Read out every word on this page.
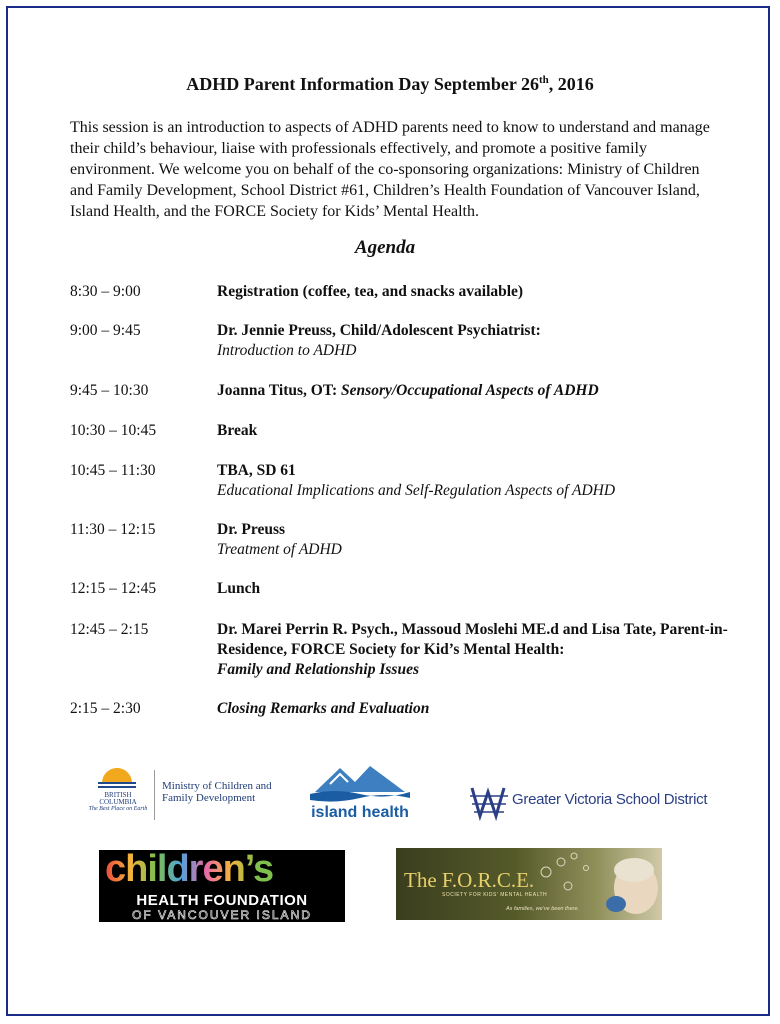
ADHD Parent Information Day September 26th, 2016
This session is an introduction to aspects of ADHD parents need to know to understand and manage their child’s behaviour, liaise with professionals effectively, and promote a positive family environment. We welcome you on behalf of the co-sponsoring organizations: Ministry of Children and Family Development, School District #61, Children’s Health Foundation of Vancouver Island, Island Health, and the FORCE Society for Kids’ Mental Health.
Agenda
8:30 – 9:00	Registration (coffee, tea, and snacks available)
9:00 – 9:45	Dr. Jennie Preuss, Child/Adolescent Psychiatrist:
Introduction to ADHD
9:45 – 10:30	Joanna Titus, OT: Sensory/Occupational Aspects of ADHD
10:30 – 10:45	Break
10:45 – 11:30	TBA, SD 61
Educational Implications and Self-Regulation Aspects of ADHD
11:30 – 12:15	Dr. Preuss
Treatment of ADHD
12:15 – 12:45	Lunch
12:45 – 2:15	Dr. Marei Perrin R. Psych., Massoud Moslehi ME.d and Lisa Tate, Parent-in-Residence, FORCE Society for Kid’s Mental Health:
Family and Relationship Issues
2:15 – 2:30	Closing Remarks and Evaluation
BRITISH
COLUMBIA
The Best Place on Earth
Ministry of Children and Family Development
island health
Greater Victoria School District
children’s
HEALTH FOUNDATION
OF VANCOUVER ISLAND
The F.O.R.C.E.
SOCIETY FOR KIDS' MENTAL HEALTH
As families, we’ve been there.
